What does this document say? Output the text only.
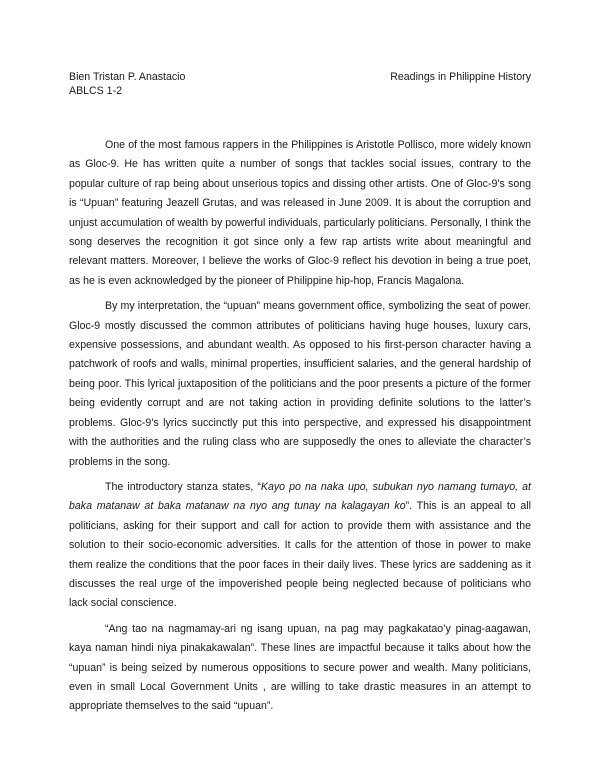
Bien Tristan P. Anastacio	Readings in Philippine History
ABLCS 1-2

One of the most famous rappers in the Philippines is Aristotle Pollisco, more widely known as Gloc-9. He has written quite a number of songs that tackles social issues, contrary to the popular culture of rap being about unserious topics and dissing other artists. One of Gloc-9’s song is “Upuan” featuring Jeazell Grutas, and was released in June 2009. It is about the corruption and unjust accumulation of wealth by powerful individuals, particularly politicians. Personally, I think the song deserves the recognition it got since only a few rap artists write about meaningful and relevant matters. Moreover, I believe the works of Gloc-9 reflect his devotion in being a true poet, as he is even acknowledged by the pioneer of Philippine hip-hop, Francis Magalona.

By my interpretation, the “upuan” means government office, symbolizing the seat of power. Gloc-9 mostly discussed the common attributes of politicians having huge houses, luxury cars, expensive possessions, and abundant wealth. As opposed to his first-person character having a patchwork of roofs and walls, minimal properties, insufficient salaries, and the general hardship of being poor. This lyrical juxtaposition of the politicians and the poor presents a picture of the former being evidently corrupt and are not taking action in providing definite solutions to the latter’s problems. Gloc-9’s lyrics succinctly put this into perspective, and expressed his disappointment with the authorities and the ruling class who are supposedly the ones to alleviate the character’s problems in the song.

The introductory stanza states, “Kayo po na naka upo, subukan nyo namang tumayo, at baka matanaw at baka matanaw na nyo ang tunay na kalagayan ko”. This is an appeal to all politicians, asking for their support and call for action to provide them with assistance and the solution to their socio-economic adversities. It calls for the attention of those in power to make them realize the conditions that the poor faces in their daily lives. These lyrics are saddening as it discusses the real urge of the impoverished people being neglected because of politicians who lack social conscience.

“Ang tao na nagmamay-ari ng isang upuan, na pag may pagkakatao’y pinag-aagawan, kaya naman hindi niya pinakakawalan”. These lines are impactful because it talks about how the “upuan” is being seized by numerous oppositions to secure power and wealth. Many politicians, even in small Local Government Units , are willing to take drastic measures in an attempt to appropriate themselves to the said “upuan”.
